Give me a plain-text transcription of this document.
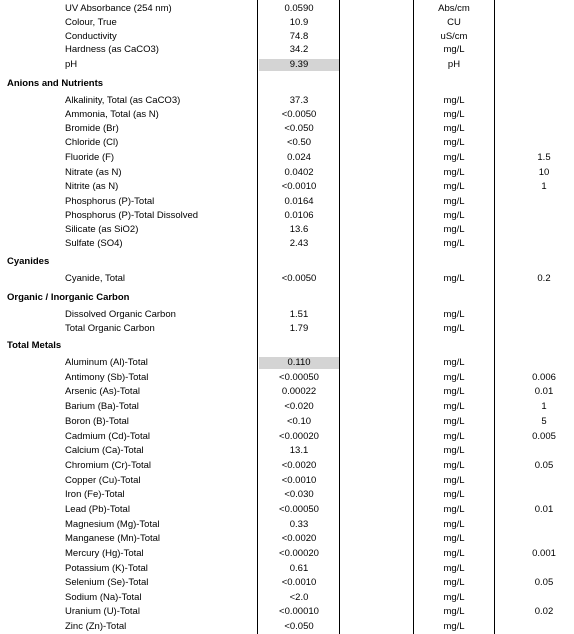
UV Absorbance (254 nm)	0.0590	Abs/cm
Colour, True	10.9	CU
Conductivity	74.8	uS/cm
Hardness (as CaCO3)	34.2	mg/L
pH	9.39	pH
Anions and Nutrients
Alkalinity, Total (as CaCO3)	37.3	mg/L
Ammonia, Total (as N)	<0.0050	mg/L
Bromide (Br)	<0.050	mg/L
Chloride (Cl)	<0.50	mg/L
Fluoride (F)	0.024	mg/L	1.5
Nitrate (as N)	0.0402	mg/L	10
Nitrite (as N)	<0.0010	mg/L	1
Phosphorus (P)-Total	0.0164	mg/L
Phosphorus (P)-Total Dissolved	0.0106	mg/L
Silicate (as SiO2)	13.6	mg/L
Sulfate (SO4)	2.43	mg/L
Cyanides
Cyanide, Total	<0.0050	mg/L	0.2
Organic / Inorganic Carbon
Dissolved Organic Carbon	1.51	mg/L
Total Organic Carbon	1.79	mg/L
Total Metals
Aluminum (Al)-Total	0.110	mg/L
Antimony (Sb)-Total	<0.00050	mg/L	0.006
Arsenic (As)-Total	0.00022	mg/L	0.01
Barium (Ba)-Total	<0.020	mg/L	1
Boron (B)-Total	<0.10	mg/L	5
Cadmium (Cd)-Total	<0.00020	mg/L	0.005
Calcium (Ca)-Total	13.1	mg/L
Chromium (Cr)-Total	<0.0020	mg/L	0.05
Copper (Cu)-Total	<0.0010	mg/L
Iron (Fe)-Total	<0.030	mg/L
Lead (Pb)-Total	<0.00050	mg/L	0.01
Magnesium (Mg)-Total	0.33	mg/L
Manganese (Mn)-Total	<0.0020	mg/L
Mercury (Hg)-Total	<0.00020	mg/L	0.001
Potassium (K)-Total	0.61	mg/L
Selenium (Se)-Total	<0.0010	mg/L	0.05
Sodium (Na)-Total	<2.0	mg/L
Uranium (U)-Total	<0.00010	mg/L	0.02
Zinc (Zn)-Total	<0.050	mg/L
